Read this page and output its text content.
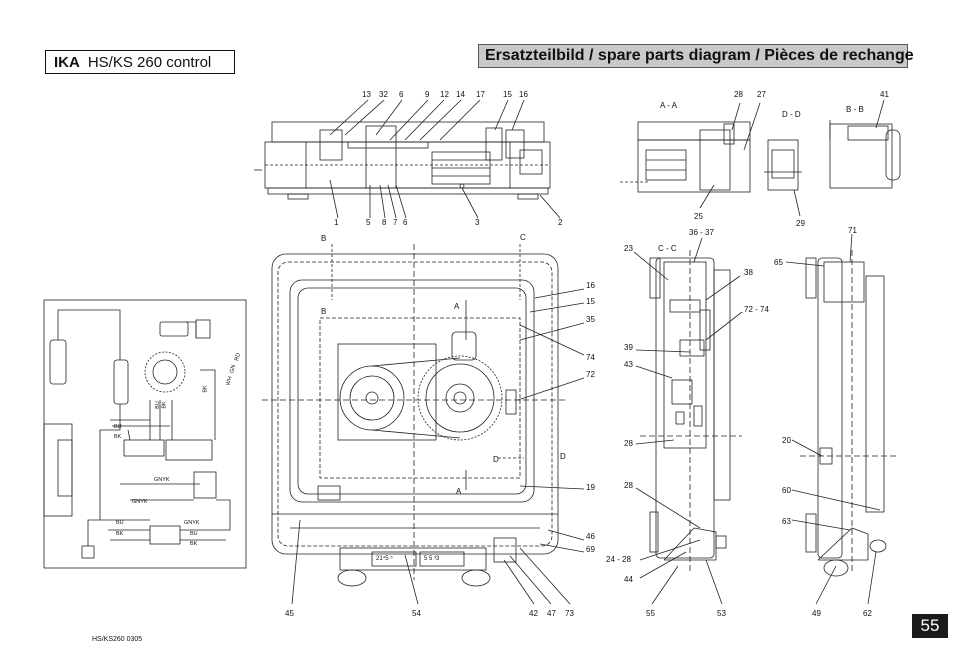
IKA HS/KS 260 control	Ersatzteilbild / spare parts diagram / Pièces de rechange
13 32 6	9 12 14 17 15 16
1	5 8 7 6	3	2
A - A
28 27
25
D - D
29
B - B
41
B
B
C
A
A
D	D
16
15
35
74
72
19
46
69
45	54	42 47 73
21⁴5 ⁵	5 5 ³3
C - C
36 - 37
23
38
72 - 74
39
43
28
28
24 - 28
44
55	53
71
65
20
60
63
49	62
BU
BK
BU BK
BK
WH
GN
RD
GNYK
GNYK
BU
BK
GNYK
BU
BK
HS/KS260 0305
55
